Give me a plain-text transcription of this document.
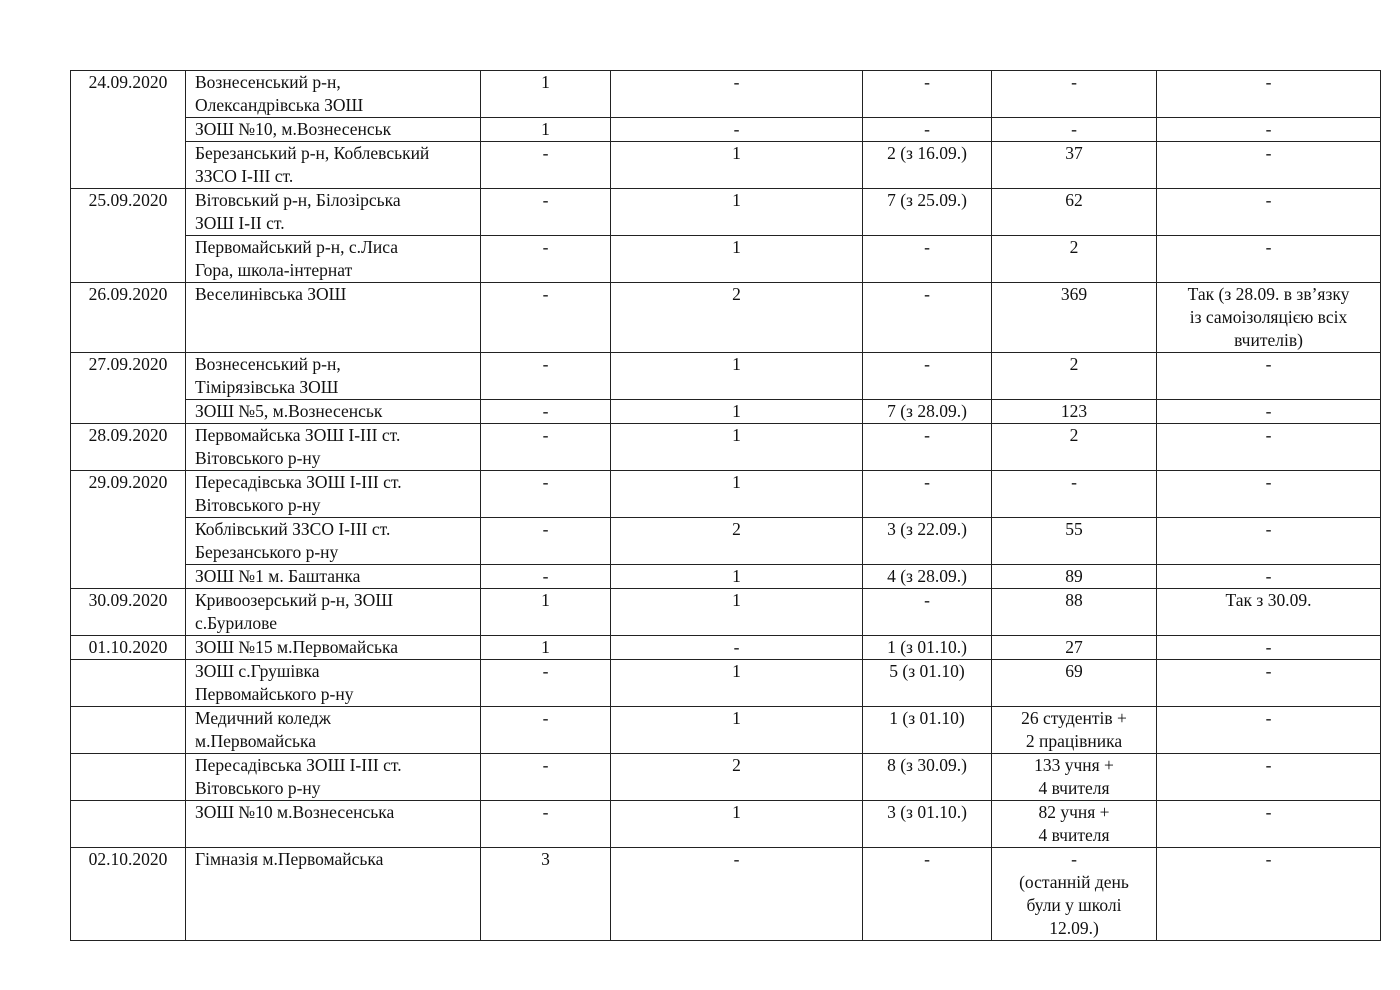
24.09.2020	Вознесенський р-н,
Олександрівська ЗОШ	1	-	-	-	-
	ЗОШ №10, м.Вознесенськ	1	-	-	-	-
	Березанський р-н, Коблевський
ЗЗСО І-ІІІ ст.	-	1	2 (з 16.09.)	37	-
25.09.2020	Вітовський р-н, Білозірська
ЗОШ І-ІІ ст.	-	1	7 (з 25.09.)	62	-
	Первомайський р-н, с.Лиса
Гора, школа-інтернат	-	1	-	2	-
26.09.2020	Веселинівська ЗОШ	-	2	-	369	Так (з 28.09. в зв’язку
із самоізоляцією всіх
вчителів)
27.09.2020	Вознесенський р-н,
Тімірязівська ЗОШ	-	1	-	2	-
	ЗОШ №5, м.Вознесенськ	-	1	7 (з 28.09.)	123	-
28.09.2020	Первомайська ЗОШ І-ІІІ ст.
Вітовського р-ну	-	1	-	2	-
29.09.2020	Пересадівська ЗОШ І-ІІІ ст.
Вітовського р-ну	-	1	-	-	-
	Коблівський ЗЗСО І-ІІІ ст.
Березанського р-ну	-	2	3 (з 22.09.)	55	-
	ЗОШ №1 м. Баштанка	-	1	4 (з 28.09.)	89	-
30.09.2020	Кривоозерський р-н, ЗОШ
с.Бурилове	1	1	-	88	Так з 30.09.
01.10.2020	ЗОШ №15 м.Первомайська	1	-	1 (з 01.10.)	27	-
	ЗОШ с.Грушівка
Первомайського р-ну	-	1	5 (з 01.10)	69	-
	Медичний коледж
м.Первомайська	-	1	1 (з 01.10)	26 студентів +
2 працівника	-
	Пересадівська ЗОШ І-ІІІ ст.
Вітовського р-ну	-	2	8 (з 30.09.)	133 учня +
4 вчителя	-
	ЗОШ №10 м.Вознесенська	-	1	3 (з 01.10.)	82 учня +
4 вчителя	-
02.10.2020	Гімназія м.Первомайська	3	-	-	-
(останній день
були у школі
12.09.)	-
